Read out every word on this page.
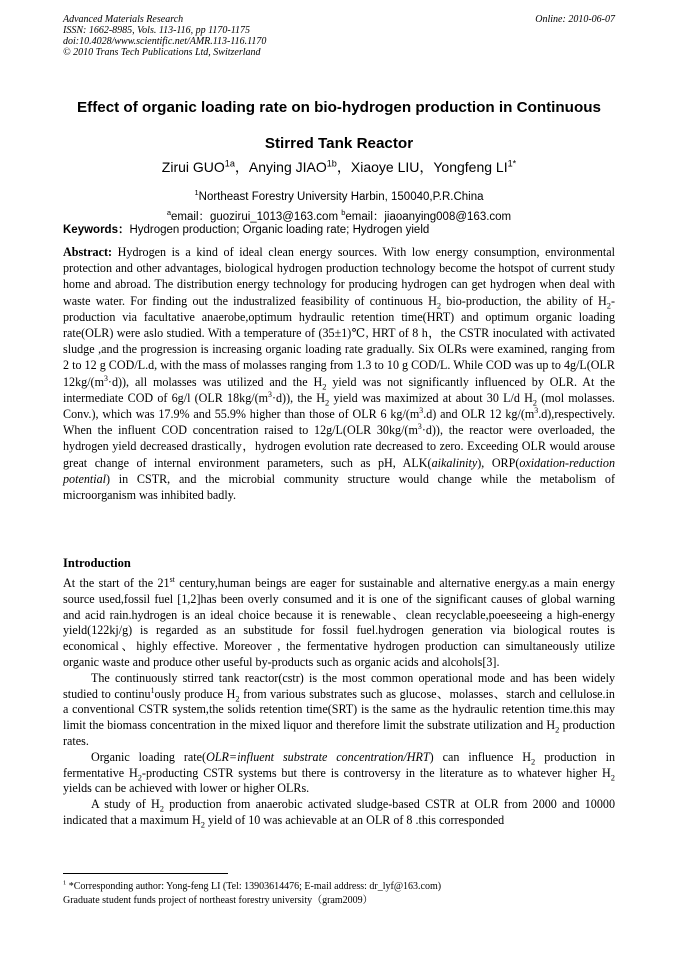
Advanced Materials Research	Online: 2010-06-07
ISSN: 1662-8985, Vols. 113-116, pp 1170-1175
doi:10.4028/www.scientific.net/AMR.113-116.1170
© 2010 Trans Tech Publications Ltd, Switzerland
Effect of organic loading rate on bio-hydrogen production in Continuous
Stirred Tank Reactor
Zirui $GUO^{1a}$，Anying $JIAO^{1b}$，Xiaoye LIU，Yongfeng $LI^{1*}$
$^1$Northeast Forestry University Harbin, 150040,P.R.China
$^a$email：guozirui_1013@163.com $^b$email：jiaoanying008@163.com
Keywords：Hydrogen production; Organic loading rate; Hydrogen yield
Abstract: Hydrogen is a kind of ideal clean energy sources. With low energy consumption, environmental protection and other advantages, biological hydrogen production technology become the hotspot of current study home and abroad. The distribution energy technology for producing hydrogen can get hydrogen when deal with waste water. For finding out the industralized feasibility of continuous $H_2$ bio-production, the ability of $H_2$-production via facultative anaerobe,optimum hydraulic retention time(HRT) and optimum organic loading rate(OLR) were aslo studied. With a temperature of (35±1)℃, HRT of 8 h，the CSTR inoculated with activated sludge ,and the progression is increasing organic loading rate gradually. Six OLRs were examined, ranging from 2 to 12 g COD/L.d, with the mass of molasses ranging from 1.3 to 10 g COD/L. While COD was up to 4g/L(OLR $12kg/(m^3\cdot d)$), all molasses was utilized and the $H_2$ yield was not significantly influenced by OLR. At the intermediate COD of 6g/l (OLR $18kg/(m^3\cdot d)$), the $H_2$ yield was maximized at about 30 L/d $H_2$ (mol molasses. Conv.), which was 17.9% and 55.9% higher than those of OLR 6 $kg/(m^3.d)$ and OLR 12 $kg/(m^3.d),respectively$. When the influent COD concentration raised to 12g/L(OLR $30kg/(m^3\cdot d)$), the reactor were overloaded, the hydrogen yield decreased drastically，hydrogen evolution rate decreased to zero. Exceeding OLR would arouse great change of internal environment parameters, such as pH, ALK(aikalinity), ORP(oxidation-reduction potential) in CSTR, and the microbial community structure would change while the metabolism of microorganism was inhibited badly.
Introduction

At the start of the 21st century,human beings are eager for sustainable and alternative energy.as a main energy source used,fossil fuel [1,2]has been overly consumed and it is one of the significant causes of global warning and acid rain.hydrogen is an ideal choice because it is renewable、clean recyclable,poeeseeing a high-energy yield(122kj/g) is regarded as an substitude for fossil fuel.hydrogen generation via biological routes is economical、highly effective. Moreover , the fermentative hydrogen production can simultaneously utilize organic waste and produce other useful by-products such as organic acids and alcohols[3].

The continuously stirred tank reactor(cstr) is the most common operational mode and has been widely studied to continu$^1$ously produce $H_2$ from various substrates such as glucose、molasses、starch and cellulose.in a conventional CSTR system,the solids retention time(SRT) is the same as the hydraulic retention time.this may limit the biomass concentration in the mixed liquor and therefore limit the substrate utilization and $H_2$ production rates.

Organic loading rate(OLR=influent substrate concentration/HRT) can influence $H_2$ production in fermentative $H_2$-producting CSTR systems but there is controversy in the literature as to whatever higher $H_2$ yields can be achieved with lower or higher OLRs.

A study of $H_2$ production from anaerobic activated sludge-based CSTR at OLR from 2000 and 10000 indicated that a maximum $H_2$ yield of 10 was achievable at an OLR of 8 .this corresponded

$^1$ *Corresponding author: Yong-feng LI (Tel: 13903614476; E-mail address: dr_lyf@163.com)
Graduate student funds project of northeast forestry university（gram2009）
